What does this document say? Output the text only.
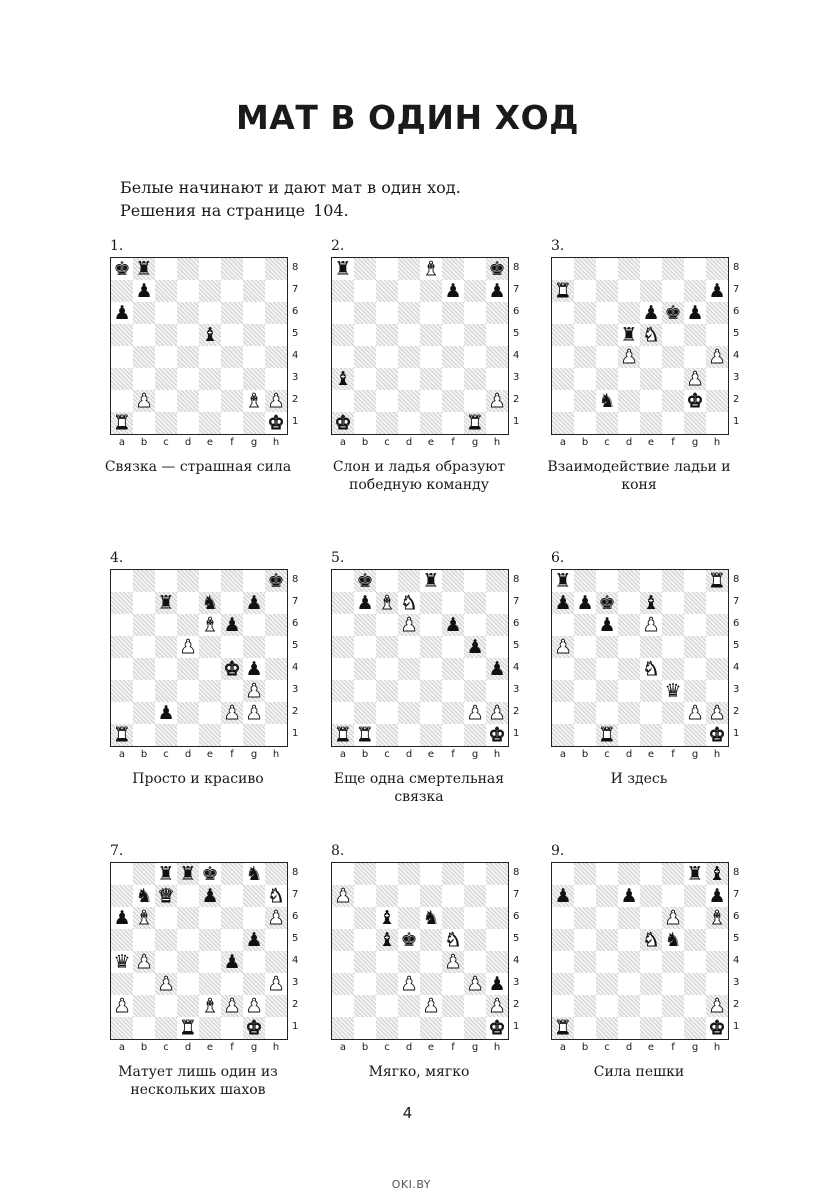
МАТ В ОДИН ХОД
Белые начинают и дают мат в один ход.
Решения на странице 104.
1.
♚ ♜
♟
♟
♝
♜
♟	♝
♚
♟
8
7
6
5
4
3
2
1
a	b	c	d	e	f	g	h
Связка — страшная сила
2.
♜	♝	♚
♟ ♟
♝
♟
♚	♜
8
7
6
5
4
3
2
1
a	b	c	d	e	f	g	h
Слон и ладья образуют победную команду
3.
♜	♟
♟ ♚ ♟
♜ ♞
♟	♟
♟
♞	♚
8
7
6
5
4
3
2
1
a	b	c	d	e	f	g	h
Взаимодействие ладьи и коня
4.
♚
♜ ♞ ♟
♝ ♟
♟
♚ ♟
♟
♟	♟ ♟
♜
8
7
6
5
4
3
2
1
a	b	c	d	e	f	g	h
Просто и красиво
5.
♚	♜
♟ ♝ ♞
♟ ♟
♟
♟
♟ ♟
♜ ♜	♚
8
7
6
5
4
3
2
1
a	b	c	d	e	f	g	h
Еще одна смертельная связка
6.
♜	♜
♟ ♟ ♚ ♝
♟ ♟
♟
♞
♛
♟ ♟
♜	♚
8
7
6
5
4
3
2
1
a	b	c	d	e	f	g	h
И здесь
7.
♜ ♜ ♚ ♞
♞ ♛ ♟	♞
♟ ♝	♟
♟
♛ ♟	♟
♟	♟
♟	♝ ♟ ♟
♜	♚
8
7
6
5
4
3
2
1
a	b	c	d	e	f	g	h
Матует лишь один из нескольких шахов
8.
♟
♝ ♞
♝ ♚ ♞
♟
♟	♟ ♟
♟	♟
♚
8
7
6
5
4
3
2
1
a	b	c	d	e	f	g	h
Мягко, мягко
9.
♜ ♝
♟	♟	♟
♟ ♝
♞ ♞
♟
♜	♚
8
7
6
5
4
3
2
1
a	b	c	d	e	f	g	h
Сила пешки
4
OKI.BY
